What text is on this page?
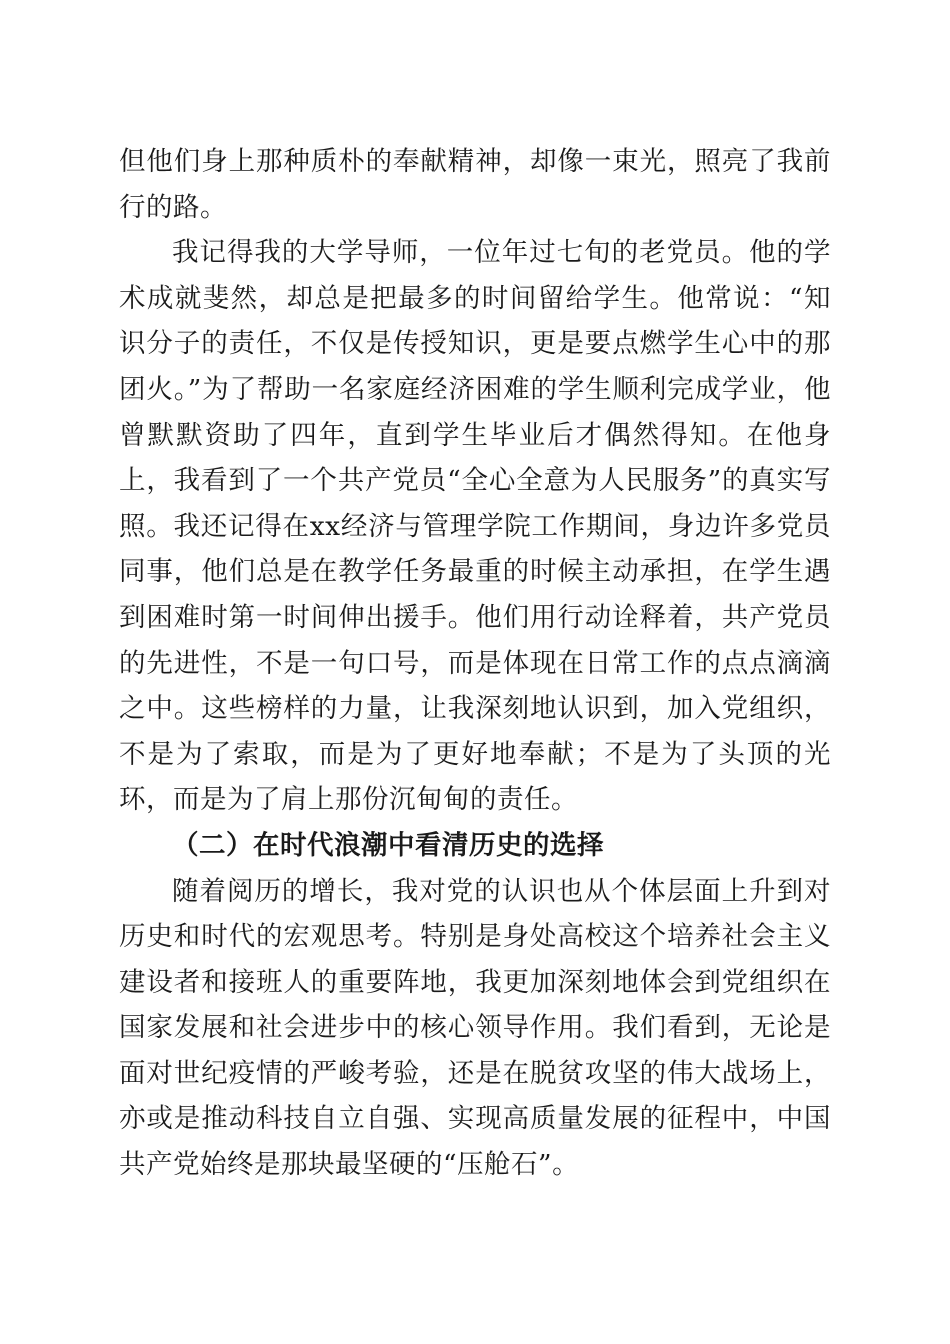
但他们身上那种质朴的奉献精神，却像一束光，照亮了我前行的路。

我记得我的大学导师，一位年过七旬的老党员。他的学术成就斐然，却总是把最多的时间留给学生。他常说：“知识分子的责任，不仅是传授知识，更是要点燃学生心中的那团火。”为了帮助一名家庭经济困难的学生顺利完成学业，他曾默默资助了四年，直到学生毕业后才偶然得知。在他身上，我看到了一个共产党员“全心全意为人民服务”的真实写照。我还记得在xx经济与管理学院工作期间，身边许多党员同事，他们总是在教学任务最重的时候主动承担，在学生遇到困难时第一时间伸出援手。他们用行动诠释着，共产党员的先进性，不是一句口号，而是体现在日常工作的点点滴滴之中。这些榜样的力量，让我深刻地认识到，加入党组织，不是为了索取，而是为了更好地奉献；不是为了头顶的光环，而是为了肩上那份沉甸甸的责任。

（二）在时代浪潮中看清历史的选择

随着阅历的增长，我对党的认识也从个体层面上升到对历史和时代的宏观思考。特别是身处高校这个培养社会主义建设者和接班人的重要阵地，我更加深刻地体会到党组织在国家发展和社会进步中的核心领导作用。我们看到，无论是面对世纪疫情的严峻考验，还是在脱贫攻坚的伟大战场上，亦或是推动科技自立自强、实现高质量发展的征程中，中国共产党始终是那块最坚硬的“压舱石”。
